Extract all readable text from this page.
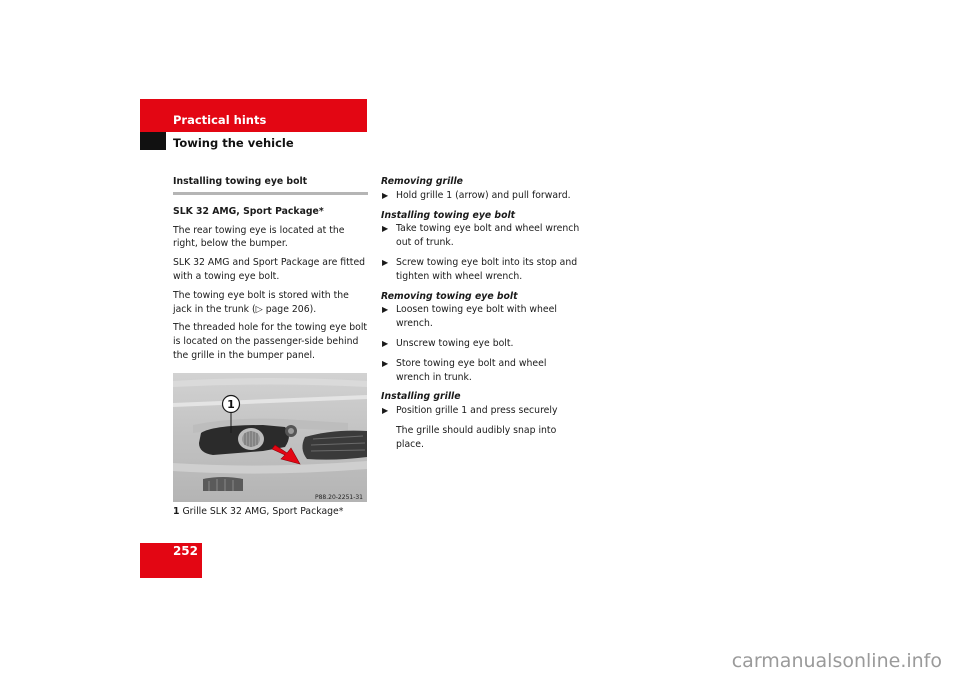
Practical hints
Towing the vehicle

Installing towing eye bolt

SLK 32 AMG, Sport Package*

The rear towing eye is located at the right, below the bumper.

SLK 32 AMG and Sport Package are fitted with a towing eye bolt.

The towing eye bolt is stored with the jack in the trunk (▷ page 206).

The threaded hole for the towing eye bolt is located on the passenger-side behind the grille in the bumper panel.

1
P88.20-2251-31
1 Grille SLK 32 AMG, Sport Package*

Removing grille

▶ Hold grille 1 (arrow) and pull forward.

Installing towing eye bolt

▶ Take towing eye bolt and wheel wrench out of trunk.
▶ Screw towing eye bolt into its stop and tighten with wheel wrench.

Removing towing eye bolt

▶ Loosen towing eye bolt with wheel wrench.
▶ Unscrew towing eye bolt.
▶ Store towing eye bolt and wheel wrench in trunk.

Installing grille

▶ Position grille 1 and press securely

The grille should audibly snap into place.

252
carmanualsonline.info
